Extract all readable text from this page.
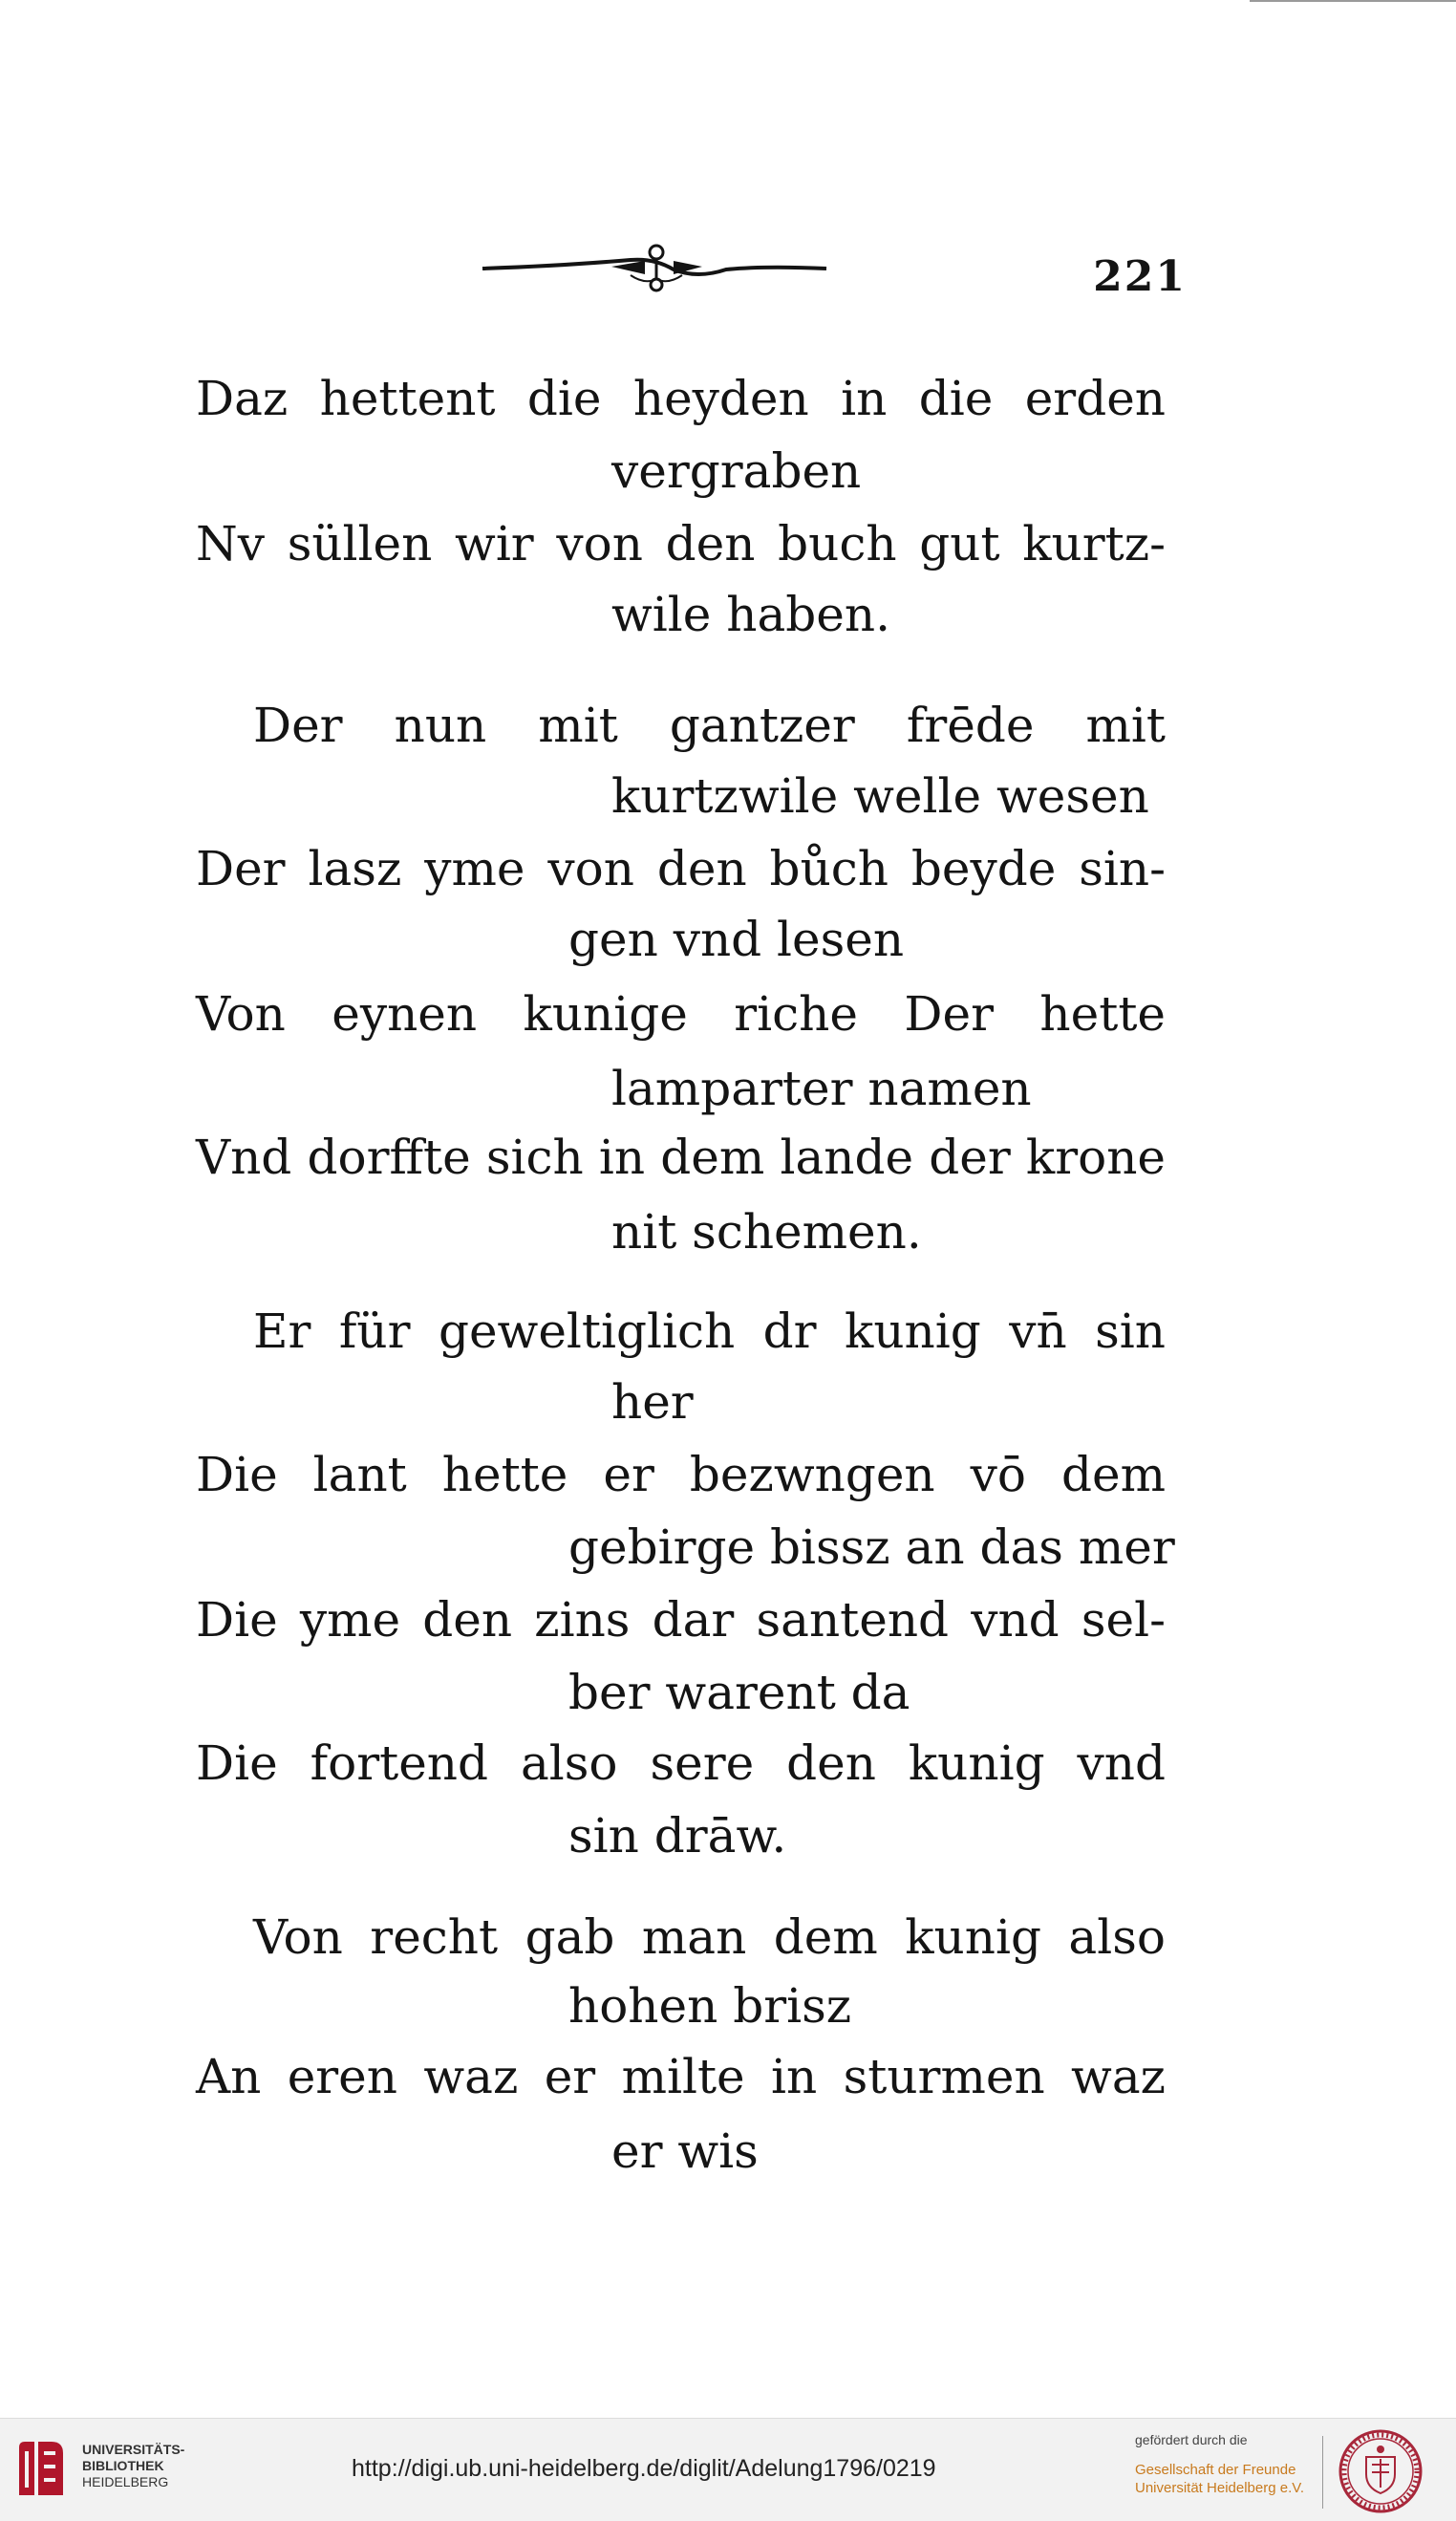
221
Daz hettent die heyden in die erden
vergraben
Nv süllen wir von den buch gut kurtz-
wile haben.
Der nun mit gantzer frēde mit
kurtzwile welle wesen
Der lasz yme von den bůch beyde sin-
gen vnd lesen
Von eynen kunige riche Der hette
lamparter namen
Vnd dorffte sich in dem lande der krone
nit schemen.
Er für geweltiglich dr kunig vn̄ sin
her
Die lant hette er bezwngen vō dem
gebirge bissz an das mer
Die yme den zins dar santend vnd sel-
ber warent da
Die fortend also sere den kunig vnd
sin drāw.
Von recht gab man dem kunig also
hohen brisz
An eren waz er milte in sturmen waz
er wis
UNIVERSITÄTS-
BIBLIOTHEK
HEIDELBERG	http://digi.ub.uni-heidelberg.de/diglit/Adelung1796/0219
gefördert durch die
Gesellschaft der Freunde
Universität Heidelberg e.V.
